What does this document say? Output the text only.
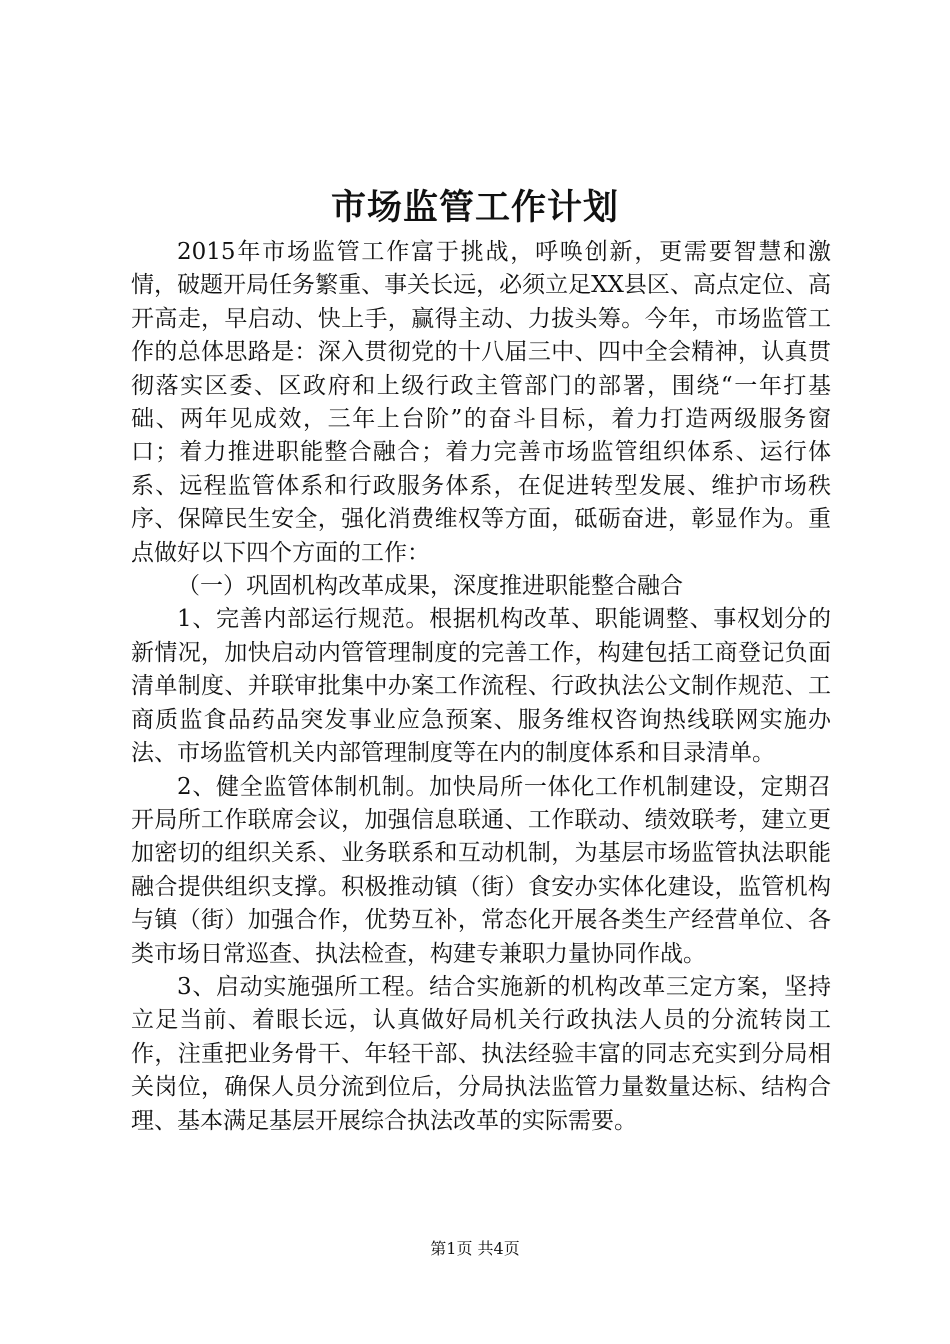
市场监管工作计划

2015年市场监管工作富于挑战，呼唤创新，更需要智慧和激情，破题开局任务繁重、事关长远，必须立足XX县区、高点定位、高开高走，早启动、快上手，赢得主动、力拔头筹。今年，市场监管工作的总体思路是：深入贯彻党的十八届三中、四中全会精神，认真贯彻落实区委、区政府和上级行政主管部门的部署，围绕“一年打基础、两年见成效，三年上台阶”的奋斗目标，着力打造两级服务窗口；着力推进职能整合融合；着力完善市场监管组织体系、运行体系、远程监管体系和行政服务体系，在促进转型发展、维护市场秩序、保障民生安全，强化消费维权等方面，砥砺奋进，彰显作为。重点做好以下四个方面的工作：

（一）巩固机构改革成果，深度推进职能整合融合

1、完善内部运行规范。根据机构改革、职能调整、事权划分的新情况，加快启动内管管理制度的完善工作，构建包括工商登记负面清单制度、并联审批集中办案工作流程、行政执法公文制作规范、工商质监食品药品突发事业应急预案、服务维权咨询热线联网实施办法、市场监管机关内部管理制度等在内的制度体系和目录清单。

2、健全监管体制机制。加快局所一体化工作机制建设，定期召开局所工作联席会议，加强信息联通、工作联动、绩效联考，建立更加密切的组织关系、业务联系和互动机制，为基层市场监管执法职能融合提供组织支撑。积极推动镇（街）食安办实体化建设，监管机构与镇（街）加强合作，优势互补，常态化开展各类生产经营单位、各类市场日常巡查、执法检查，构建专兼职力量协同作战。

3、启动实施强所工程。结合实施新的机构改革三定方案，坚持立足当前、着眼长远，认真做好局机关行政执法人员的分流转岗工作，注重把业务骨干、年轻干部、执法经验丰富的同志充实到分局相关岗位，确保人员分流到位后，分局执法监管力量数量达标、结构合理、基本满足基层开展综合执法改革的实际需要。

第1页 共4页
